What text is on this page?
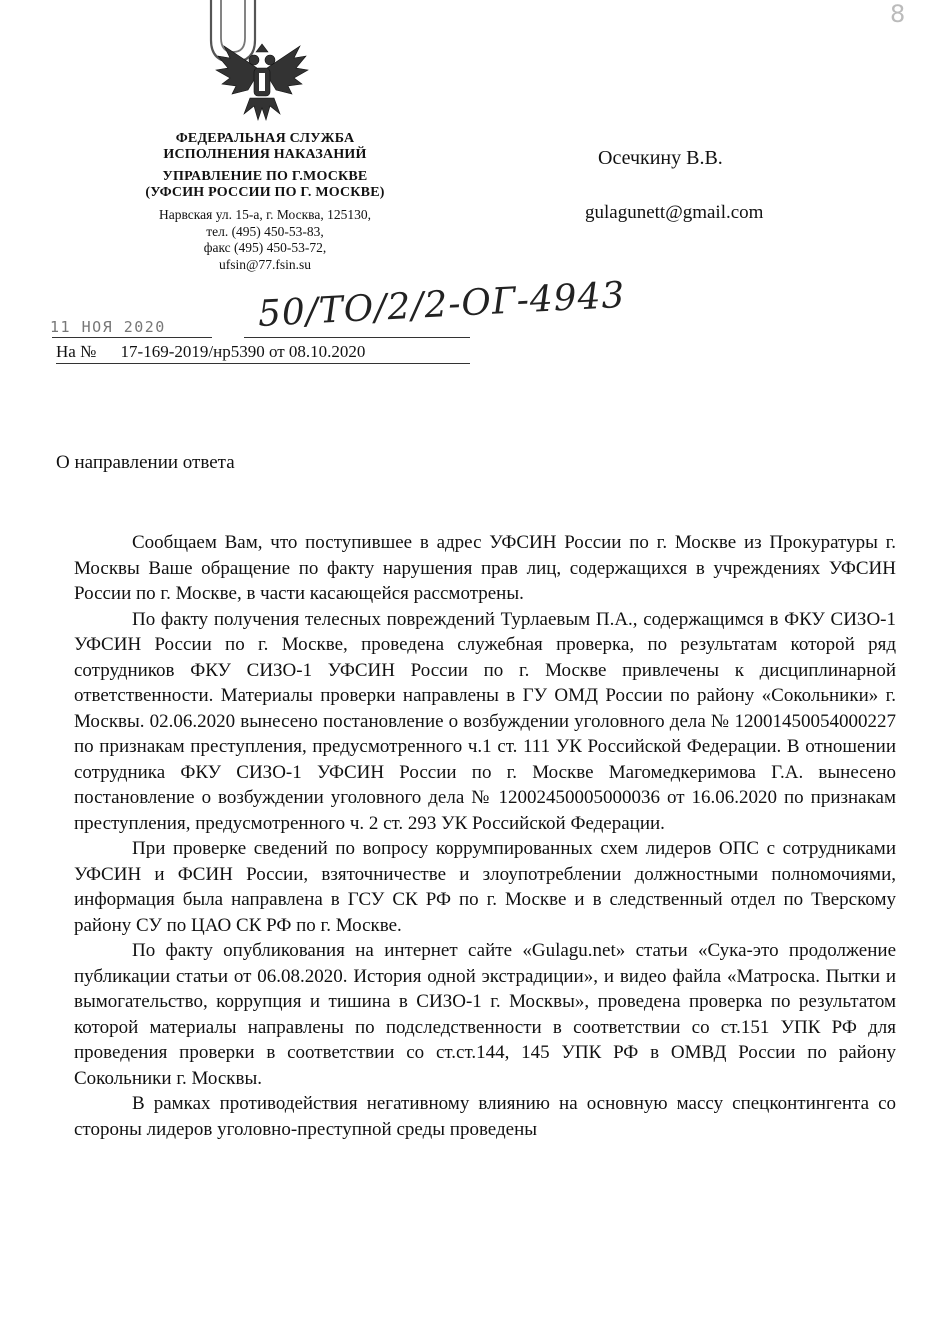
8
ФЕДЕРАЛЬНАЯ СЛУЖБА
ИСПОЛНЕНИЯ НАКАЗАНИЙ
УПРАВЛЕНИЕ ПО Г.МОСКВЕ
(УФСИН РОССИИ ПО Г. МОСКВЕ)
Нарвская ул. 15-а, г. Москва, 125130,
тел. (495) 450-53-83,
факс (495) 450-53-72,
ufsin@77.fsin.su
Осечкину В.В.
gulagunett@gmail.com
11 НОЯ 2020	50/ТО/2/2-ОГ-4943
На № 17-169-2019/нр5390 от 08.10.2020
О направлении ответа

Сообщаем Вам, что поступившее в адрес УФСИН России по г. Москве из Прокуратуры г. Москвы Ваше обращение по факту нарушения прав лиц, содержащихся в учреждениях УФСИН России по г. Москве, в части касающейся рассмотрены.

По факту получения телесных повреждений Турлаевым П.А., содержащимся в ФКУ СИЗО-1 УФСИН России по г. Москве, проведена служебная проверка, по результатам которой ряд сотрудников ФКУ СИЗО-1 УФСИН России по г. Москве привлечены к дисциплинарной ответственности. Материалы проверки направлены в ГУ ОМД России по району «Сокольники» г. Москвы. 02.06.2020 вынесено постановление о возбуждении уголовного дела № 12001450054000227 по признакам преступления, предусмотренного ч.1 ст. 111 УК Российской Федерации. В отношении сотрудника ФКУ СИЗО-1 УФСИН России по г. Москве Магомедкеримова Г.А. вынесено постановление о возбуждении уголовного дела № 12002450005000036 от 16.06.2020 по признакам преступления, предусмотренного ч. 2 ст. 293 УК Российской Федерации.

При проверке сведений по вопросу коррумпированных схем лидеров ОПС с сотрудниками УФСИН и ФСИН России, взяточничестве и злоупотреблении должностными полномочиями, информация была направлена в ГСУ СК РФ по г. Москве и в следственный отдел по Тверскому району СУ по ЦАО СК РФ по г. Москве.

По факту опубликования на интернет сайте «Gulagu.net» статьи «Сука-это продолжение публикации статьи от 06.08.2020. История одной экстрадиции», и видео файла «Матроска. Пытки и вымогательство, коррупция и тишина в СИЗО-1 г. Москвы», проведена проверка по результатом которой материалы направлены по подследственности в соответствии со ст.151 УПК РФ для проведения проверки в соответствии со ст.ст.144, 145 УПК РФ в ОМВД России по району Сокольники г. Москвы.

В рамках противодействия негативному влиянию на основную массу спецконтингента со стороны лидеров уголовно-преступной среды проведены
